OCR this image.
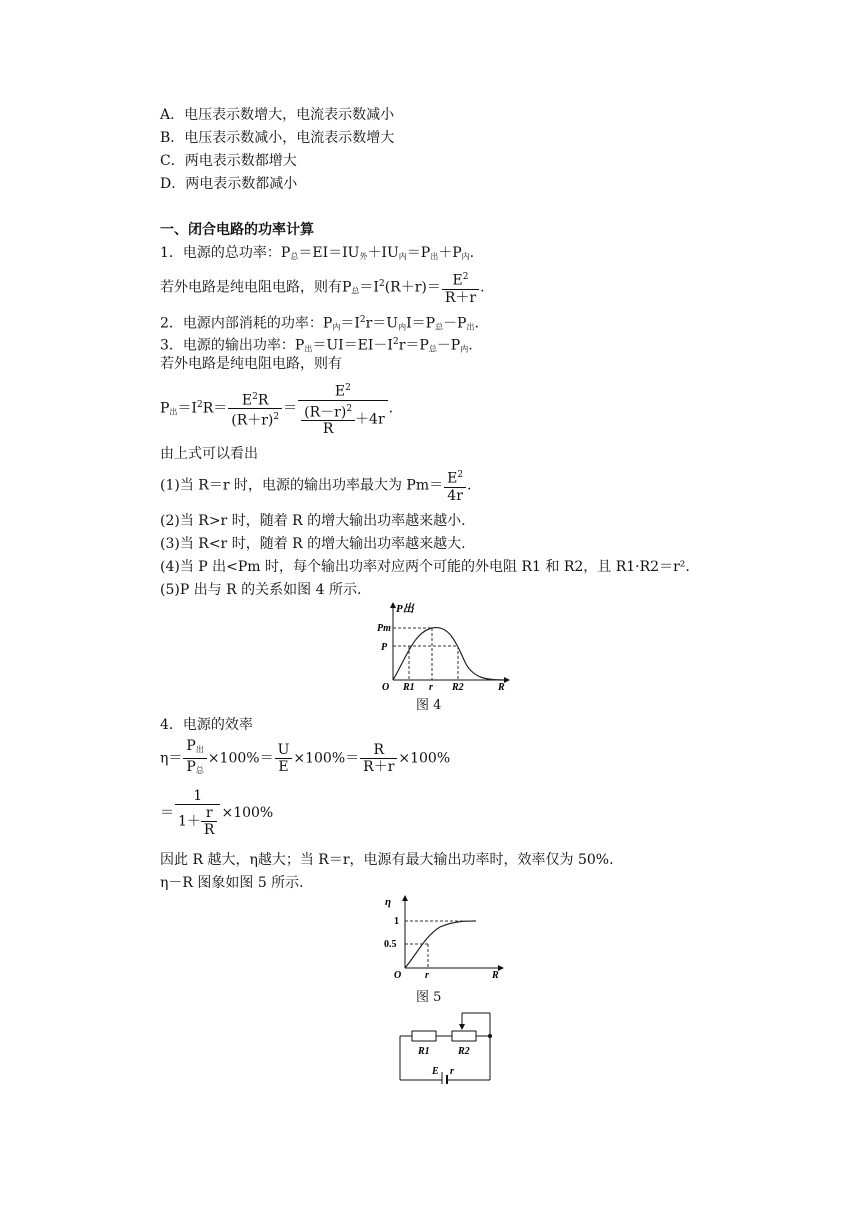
A．电压表示数增大，电流表示数减小
B．电压表示数减小，电流表示数增大
C．两电表示数都增大
D．两电表示数都减小
一、闭合电路的功率计算
1．电源的总功率：$P_总=EI=IU_外+IU_内=P_出+P_内$.
若外电路是纯电阻电路，则有$P_总=I^2(R+r)= \frac{E^2}{R+r}$ .
2．电源内部消耗的功率：$P_内=I^2r=U_内I=P_总-P_出$.
3．电源的输出功率：$P_出=UI=EI-I^2r=P_总-P_内$.
若外电路是纯电阻电路，则有
$P_出=I^2R= \frac{E^2R}{(R+r)^2} = \frac{E^2}{\frac{(R-r)^2}{R} +4r}$ .
由上式可以看出
(1)当 R＝r 时，电源的输出功率最大为 $Pm= \frac{E^2}{4r}$ .
(2)当 R>r 时，随着 R 的增大输出功率越来越小.
(3)当 R<r 时，随着 R 的增大输出功率越来越大.
(4)当 P 出<Pm 时，每个输出功率对应两个可能的外电阻 R1 和 R2，且 R1·R2＝r².
(5)P 出与 R 的关系如图 4 所示.
P出
Pm
P
O R1 r R2	R
图 4
4．电源的效率
$\eta= \frac{P_出}{P_总} \times 100\%= \frac{U}{E} \times 100\%= \frac{R}{R+r} \times 100\%$
＝ $\frac{1}{1+ \frac{r}{R}} \times 100\%$
因此 R 越大，η越大；当 R＝r，电源有最大输出功率时，效率仅为 50%.
η－R 图象如图 5 所示.
η
1
0.5
O r	R
图 5
R1	R2
E r
